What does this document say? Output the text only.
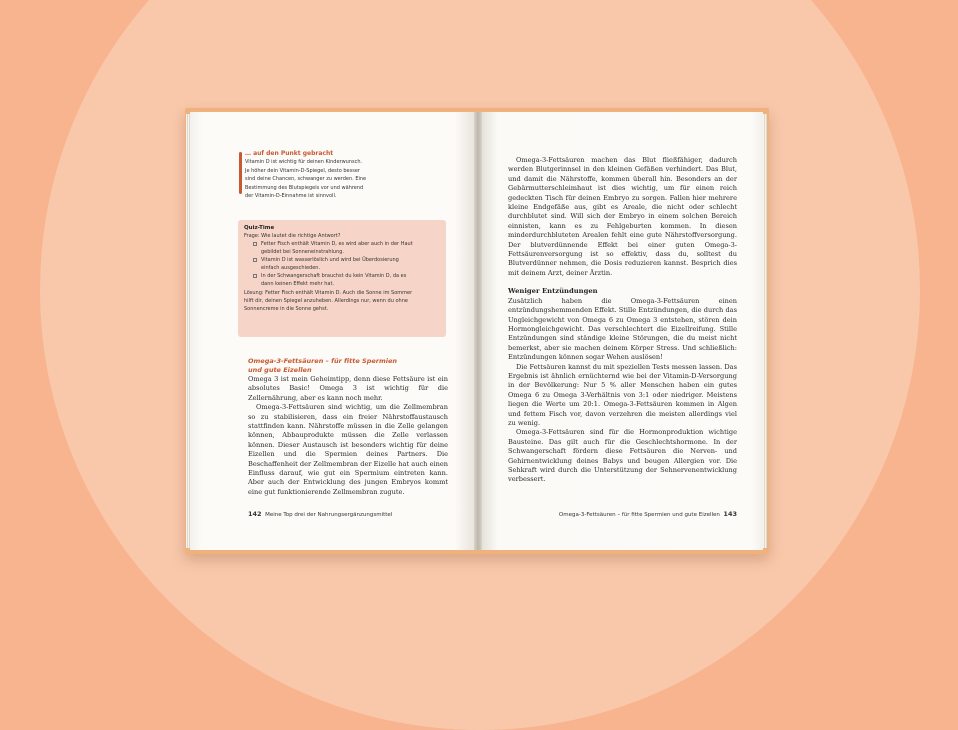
… auf den Punkt gebracht
Vitamin D ist wichtig für deinen Kinderwunsch.
Je höher dein Vitamin-D-Spiegel, desto besser
sind deine Chancen, schwanger zu werden. Eine
Bestimmung des Blutspiegels vor und während
der Vitamin-D-Einnahme ist sinnvoll.
Quiz-Time
Frage: Wie lautet die richtige Antwort?
Fetter Fisch enthält Vitamin D, es wird aber auch in der Haut
gebildet bei Sonneneinstrahlung.
Vitamin D ist wasserlöslich und wird bei Überdosierung
einfach ausgeschieden.
In der Schwangerschaft brauchst du kein Vitamin D, da es
dann keinen Effekt mehr hat.
Lösung: Fetter Fisch enthält Vitamin D. Auch die Sonne im Sommer
hilft dir, deinen Spiegel anzuheben. Allerdings nur, wenn du ohne
Sonnencreme in die Sonne gehst.
Omega-3-Fettsäuren – für fitte Spermien
und gute Eizellen

Omega 3 ist mein Geheimtipp, denn diese Fettsäure ist ein absolutes Basic! Omega 3 ist wichtig für die Zellernährung, aber es kann noch mehr.

Omega-3-Fettsäuren sind wichtig, um die Zellmembran so zu stabilisieren, dass ein freier Nährstoffaustausch stattfinden kann. Nährstoffe müssen in die Zelle gelangen können, Abbauprodukte müssen die Zelle verlassen können. Dieser Austausch ist besonders wichtig für deine Eizellen und die Spermien deines Partners. Die Beschaffenheit der Zellmembran der Eizelle hat auch einen Einfluss darauf, wie gut ein Spermium eintreten kann. Aber auch der Entwicklung des jungen Embryos kommt eine gut funktionierende Zellmembran zugute.

142 Meine Top drei der Nahrungsergänzungsmittel

Omega-3-Fettsäuren machen das Blut fließfähiger, dadurch werden Blutgerinnsel in den kleinen Gefäßen verhindert. Das Blut, und damit die Nährstoffe, kommen überall hin. Besonders an der Gebärmutterschleimhaut ist dies wichtig, um für einen reich gedeckten Tisch für deinen Embryo zu sorgen. Fallen hier mehrere kleine Endgefäße aus, gibt es Areale, die nicht oder schlecht durchblutet sind. Will sich der Embryo in einem solchen Bereich einnisten, kann es zu Fehlgeburten kommen. In diesen minderdurchbluteten Arealen fehlt eine gute Nährstoffversorgung. Der blutverdünnende Effekt bei einer guten Omega-3-Fettsäurenversorgung ist so effektiv, dass du, solltest du Blutverdünner nehmen, die Dosis reduzieren kannst. Besprich dies mit deinem Arzt, deiner Ärztin.

Weniger Entzündungen

Zusätzlich haben die Omega-3-Fettsäuren einen entzündungshemmenden Effekt. Stille Entzündungen, die durch das Ungleichgewicht von Omega 6 zu Omega 3 entstehen, stören dein Hormongleichgewicht. Das verschlechtert die Eizellreifung. Stille Entzündungen sind ständige kleine Störungen, die du meist nicht bemerkst, aber sie machen deinem Körper Stress. Und schließlich: Entzündungen können sogar Wehen auslösen!

Die Fettsäuren kannst du mit speziellen Tests messen lassen. Das Ergebnis ist ähnlich ernüchternd wie bei der Vitamin-D-Versorgung in der Bevölkerung: Nur 5 % aller Menschen haben ein gutes Omega 6 zu Omega 3-Verhältnis von 3:1 oder niedriger. Meistens liegen die Werte um 20:1. Omega-3-Fettsäuren kommen in Algen und fettem Fisch vor, davon verzehren die meisten allerdings viel zu wenig.

Omega-3-Fettsäuren sind für die Hormonproduktion wichtige Bausteine. Das gilt auch für die Geschlechtshormone. In der Schwangerschaft fördern diese Fettsäuren die Nerven- und Gehirnentwicklung deines Babys und beugen Allergien vor. Die Sehkraft wird durch die Unterstützung der Sehnervenentwicklung verbessert.

Omega-3-Fettsäuren – für fitte Spermien und gute Eizellen 143
